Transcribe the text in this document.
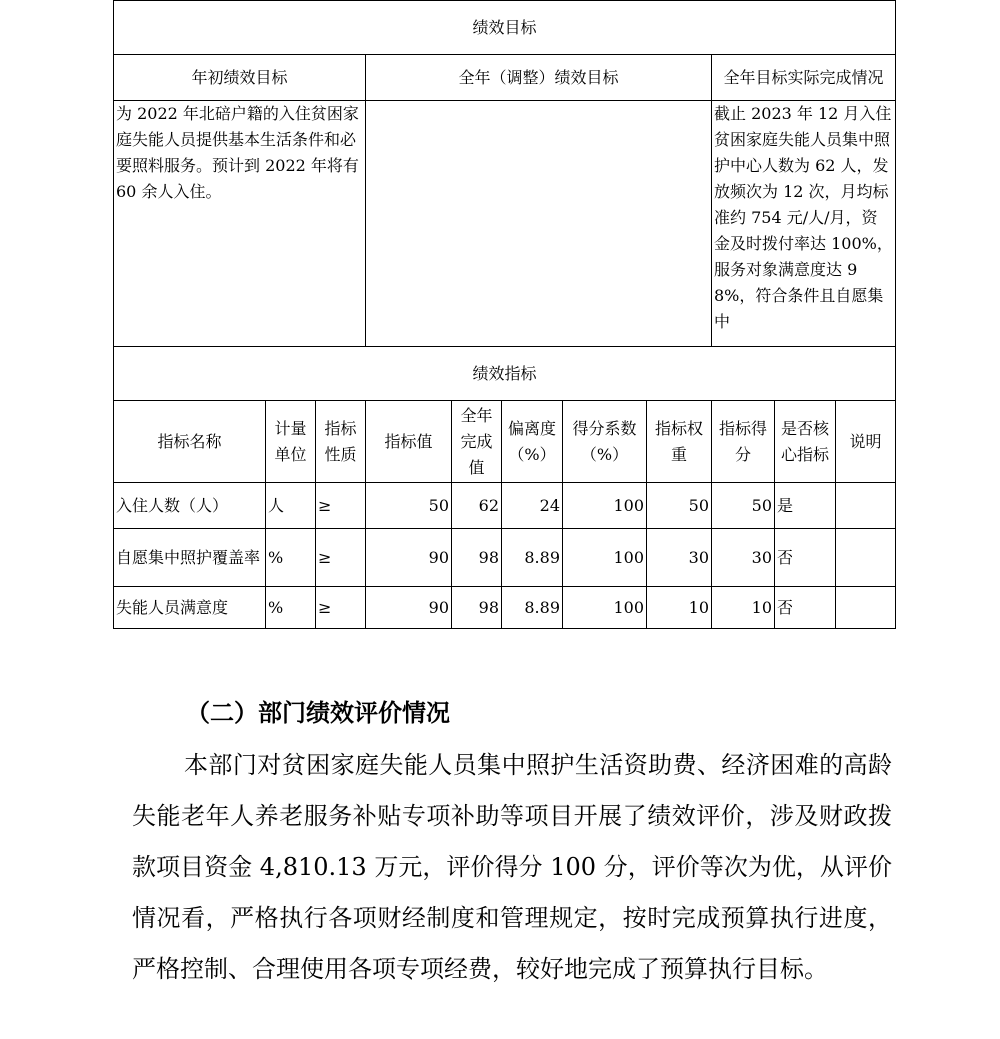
绩效目标										
年初绩效目标			全年（调整）绩效目标					全年目标实际完成情况		
为 2022 年北碚户籍的入住贫困家庭失能人员提供基本生活条件和必要照料服务。预计到 2022 年将有 60 余人入住。								截止 2023 年 12 月入住贫困家庭失能人员集中照护中心人数为 62 人，发放频次为 12 次，月均标准约 754 元/人/月，资金及时拨付率达 100%，服务对象满意度达 98%，符合条件且自愿集中		
绩效指标										
指标名称	计量单位	指标性质	指标值	全年完成值	偏离度（%）	得分系数（%）	指标权重	指标得分	是否核心指标	说明
入住人数（人）	人	≥	50	62	24	100	50	50	是	
自愿集中照护覆盖率	%	≥	90	98	8.89	100	30	30	否	
失能人员满意度	%	≥	90	98	8.89	100	10	10	否	
（二）部门绩效评价情况

本部门对贫困家庭失能人员集中照护生活资助费、经济困难的高龄失能老年人养老服务补贴专项补助等项目开展了绩效评价，涉及财政拨款项目资金 4,810.13 万元，评价得分 100 分，评价等次为优，从评价情况看，严格执行各项财经制度和管理规定，按时完成预算执行进度，严格控制、合理使用各项专项经费，较好地完成了预算执行目标。
